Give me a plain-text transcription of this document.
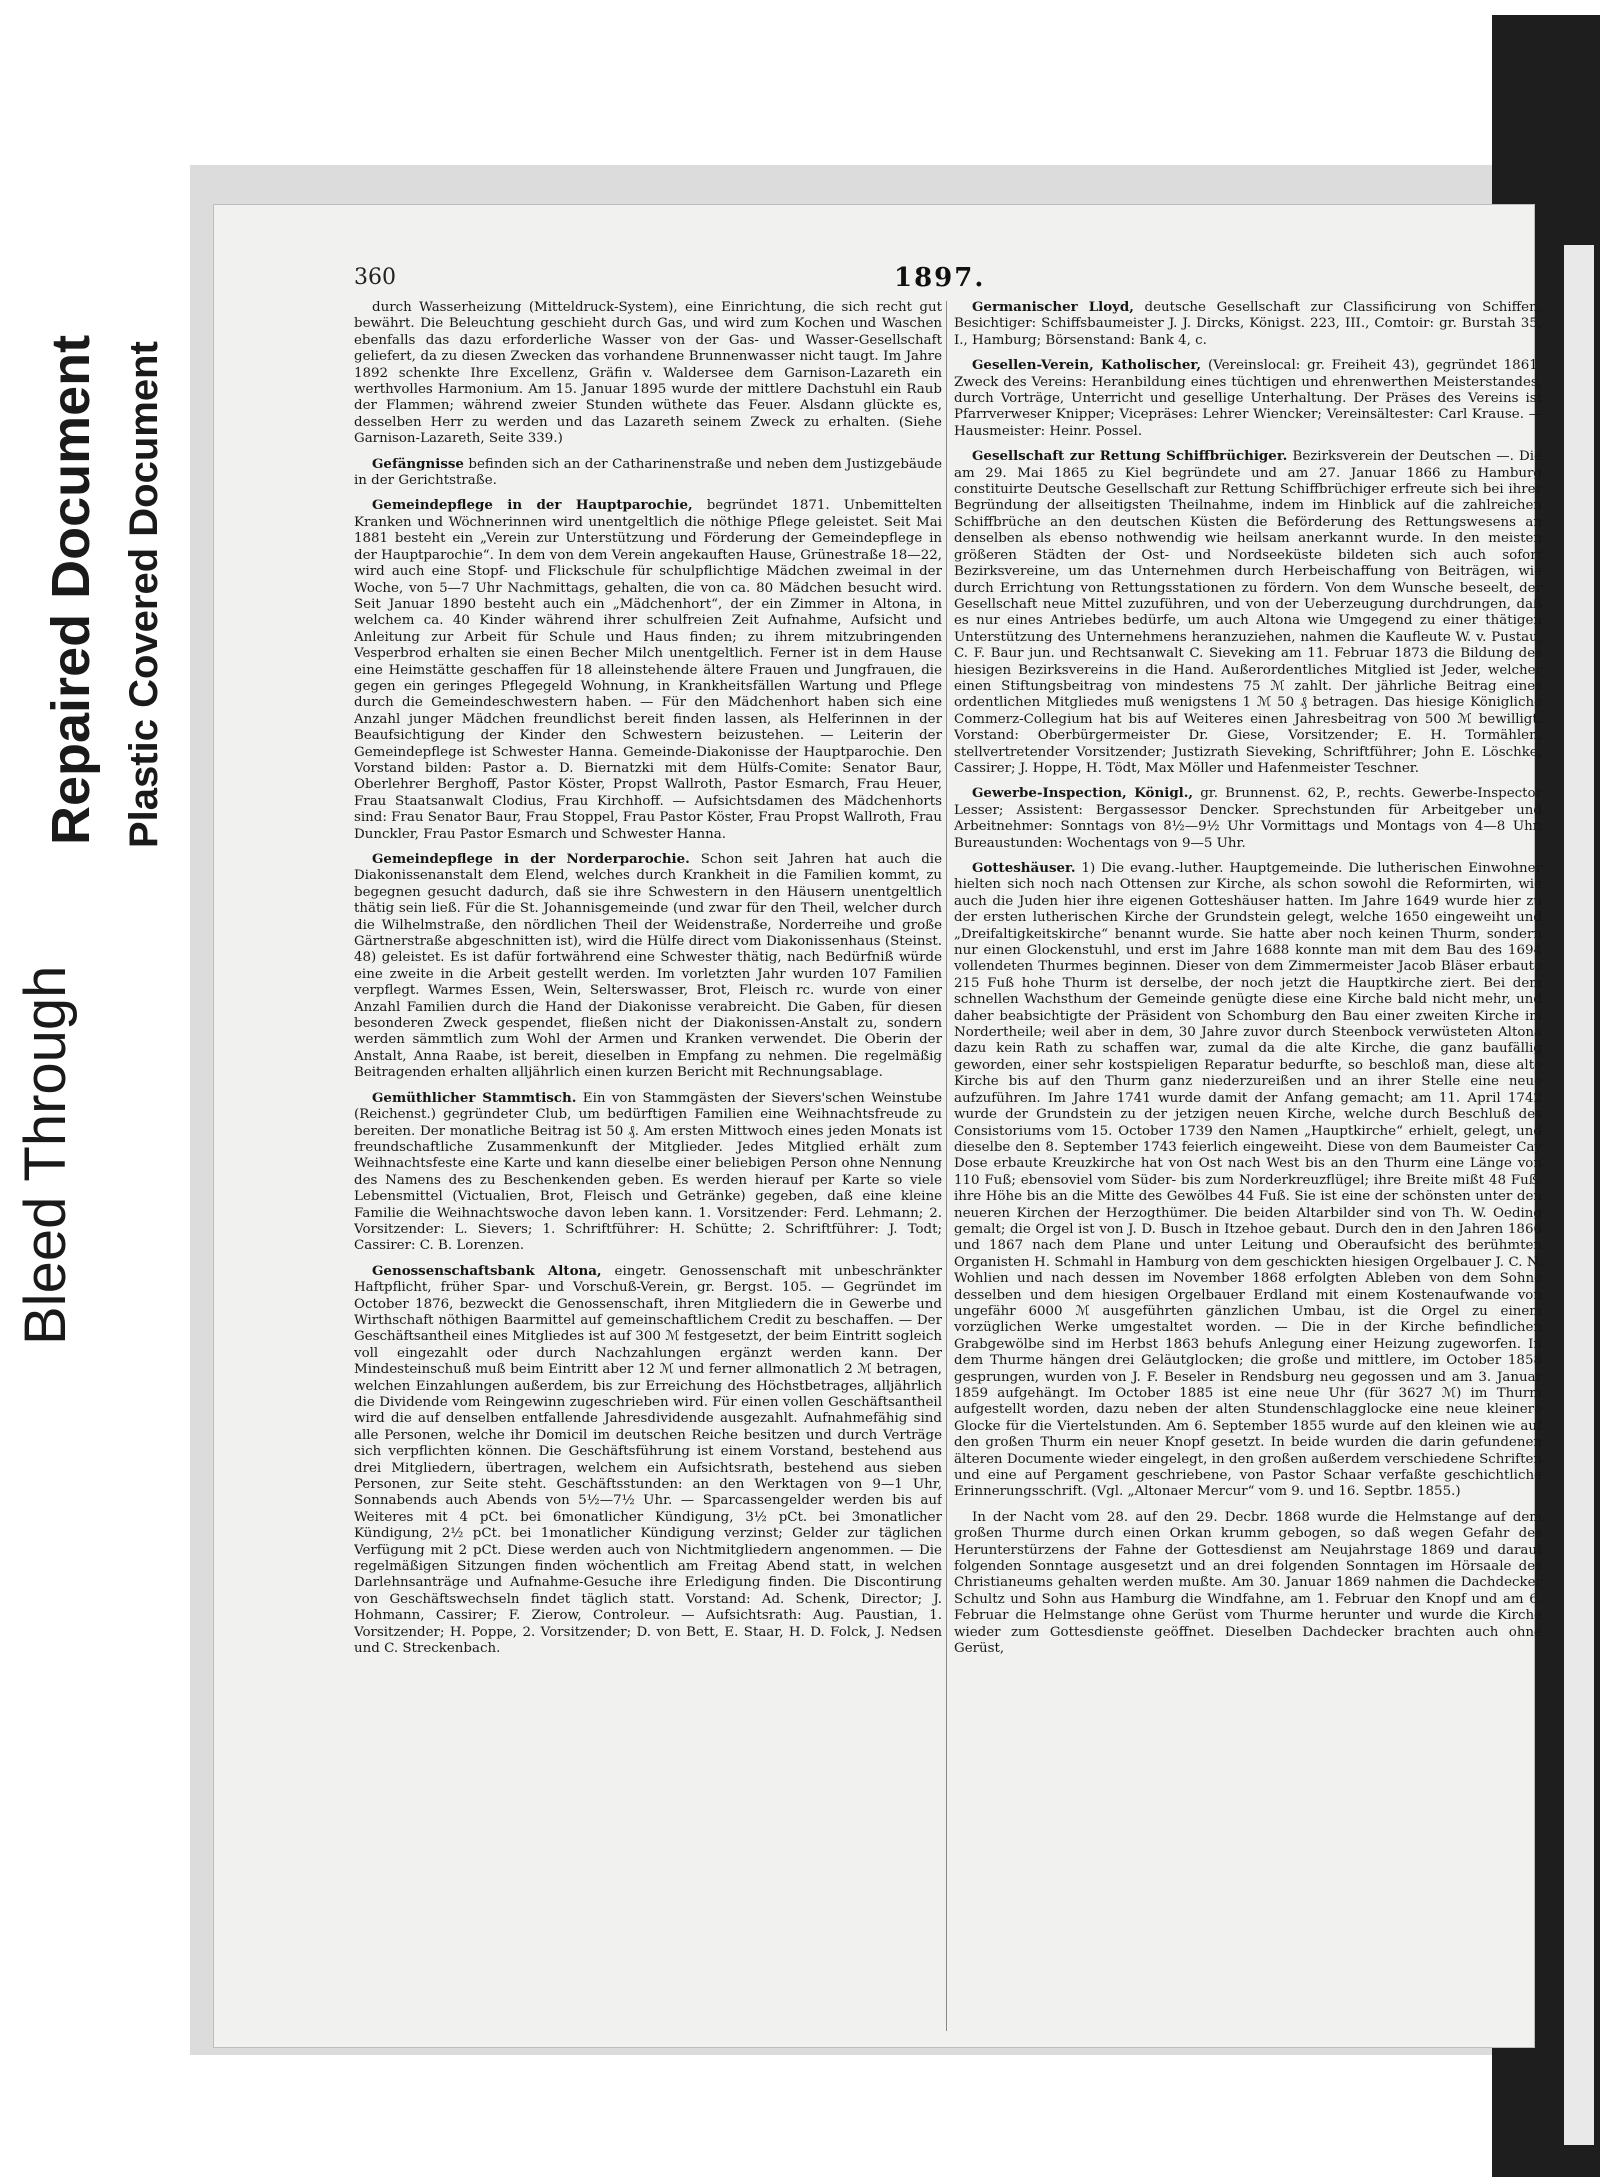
Bleed Through
Repaired Document Plastic Covered Document
360	1897.

durch Wasserheizung (Mitteldruck-System), eine Einrichtung, die sich recht gut bewährt. Die Beleuchtung geschieht durch Gas, und wird zum Kochen und Waschen ebenfalls das dazu erforderliche Wasser von der Gas- und Wasser-Gesellschaft geliefert, da zu diesen Zwecken das vorhandene Brunnenwasser nicht taugt. Im Jahre 1892 schenkte Ihre Excellenz, Gräfin v. Waldersee dem Garnison-Lazareth ein werthvolles Harmonium. Am 15. Januar 1895 wurde der mittlere Dachstuhl ein Raub der Flammen; während zweier Stunden wüthete das Feuer. Alsdann glückte es, desselben Herr zu werden und das Lazareth seinem Zweck zu erhalten. (Siehe Garnison-Lazareth, Seite 339.)

Gefängnisse befinden sich an der Catharinenstraße und neben dem Justizgebäude in der Gerichtstraße.

Gemeindepflege in der Hauptparochie, begründet 1871. Unbemittelten Kranken und Wöchnerinnen wird unentgeltlich die nöthige Pflege geleistet. Seit Mai 1881 besteht ein „Verein zur Unterstützung und Förderung der Gemeindepflege in der Hauptparochie“. In dem von dem Verein angekauften Hause, Grünestraße 18—22, wird auch eine Stopf- und Flickschule für schulpflichtige Mädchen zweimal in der Woche, von 5—7 Uhr Nachmittags, gehalten, die von ca. 80 Mädchen besucht wird. Seit Januar 1890 besteht auch ein „Mädchenhort“, der ein Zimmer in Altona, in welchem ca. 40 Kinder während ihrer schulfreien Zeit Aufnahme, Aufsicht und Anleitung zur Arbeit für Schule und Haus finden; zu ihrem mitzubringenden Vesperbrod erhalten sie einen Becher Milch unentgeltlich. Ferner ist in dem Hause eine Heimstätte geschaffen für 18 alleinstehende ältere Frauen und Jungfrauen, die gegen ein geringes Pflegegeld Wohnung, in Krankheitsfällen Wartung und Pflege durch die Gemeindeschwestern haben. — Für den Mädchenhort haben sich eine Anzahl junger Mädchen freundlichst bereit finden lassen, als Helferinnen in der Beaufsichtigung der Kinder den Schwestern beizustehen. — Leiterin der Gemeindepflege ist Schwester Hanna. Gemeinde-Diakonisse der Hauptparochie. Den Vorstand bilden: Pastor a. D. Biernatzki mit dem Hülfs-Comite: Senator Baur, Oberlehrer Berghoff, Pastor Köster, Propst Wallroth, Pastor Esmarch, Frau Heuer, Frau Staatsanwalt Clodius, Frau Kirchhoff. — Aufsichtsdamen des Mädchenhorts sind: Frau Senator Baur, Frau Stoppel, Frau Pastor Köster, Frau Propst Wallroth, Frau Dunckler, Frau Pastor Esmarch und Schwester Hanna.

Gemeindepflege in der Norderparochie. Schon seit Jahren hat auch die Diakonissenanstalt dem Elend, welches durch Krankheit in die Familien kommt, zu begegnen gesucht dadurch, daß sie ihre Schwestern in den Häusern unentgeltlich thätig sein ließ. Für die St. Johannisgemeinde (und zwar für den Theil, welcher durch die Wilhelmstraße, den nördlichen Theil der Weidenstraße, Norderreihe und große Gärtnerstraße abgeschnitten ist), wird die Hülfe direct vom Diakonissenhaus (Steinst. 48) geleistet. Es ist dafür fortwährend eine Schwester thätig, nach Bedürfniß würde eine zweite in die Arbeit gestellt werden. Im vorletzten Jahr wurden 107 Familien verpflegt. Warmes Essen, Wein, Selterswasser, Brot, Fleisch rc. wurde von einer Anzahl Familien durch die Hand der Diakonisse verabreicht. Die Gaben, für diesen besonderen Zweck gespendet, fließen nicht der Diakonissen-Anstalt zu, sondern werden sämmtlich zum Wohl der Armen und Kranken verwendet. Die Oberin der Anstalt, Anna Raabe, ist bereit, dieselben in Empfang zu nehmen. Die regelmäßig Beitragenden erhalten alljährlich einen kurzen Bericht mit Rechnungsablage.

Gemüthlicher Stammtisch. Ein von Stammgästen der Sievers'schen Weinstube (Reichenst.) gegründeter Club, um bedürftigen Familien eine Weihnachtsfreude zu bereiten. Der monatliche Beitrag ist 50 ₰. Am ersten Mittwoch eines jeden Monats ist freundschaftliche Zusammenkunft der Mitglieder. Jedes Mitglied erhält zum Weihnachtsfeste eine Karte und kann dieselbe einer beliebigen Person ohne Nennung des Namens des zu Beschenkenden geben. Es werden hierauf per Karte so viele Lebensmittel (Victualien, Brot, Fleisch und Getränke) gegeben, daß eine kleine Familie die Weihnachtswoche davon leben kann. 1. Vorsitzender: Ferd. Lehmann; 2. Vorsitzender: L. Sievers; 1. Schriftführer: H. Schütte; 2. Schriftführer: J. Todt; Cassirer: C. B. Lorenzen.

Genossenschaftsbank Altona, eingetr. Genossenschaft mit unbeschränkter Haftpflicht, früher Spar- und Vorschuß-Verein, gr. Bergst. 105. — Gegründet im October 1876, bezweckt die Genossenschaft, ihren Mitgliedern die in Gewerbe und Wirthschaft nöthigen Baarmittel auf gemeinschaftlichem Credit zu beschaffen. — Der Geschäftsantheil eines Mitgliedes ist auf 300 ℳ festgesetzt, der beim Eintritt sogleich voll eingezahlt oder durch Nachzahlungen ergänzt werden kann. Der Mindesteinschuß muß beim Eintritt aber 12 ℳ und ferner allmonatlich 2 ℳ betragen, welchen Einzahlungen außerdem, bis zur Erreichung des Höchstbetrages, alljährlich die Dividende vom Reingewinn zugeschrieben wird. Für einen vollen Geschäftsantheil wird die auf denselben entfallende Jahresdividende ausgezahlt. Aufnahmefähig sind alle Personen, welche ihr Domicil im deutschen Reiche besitzen und durch Verträge sich verpflichten können. Die Geschäftsführung ist einem Vorstand, bestehend aus drei Mitgliedern, übertragen, welchem ein Aufsichtsrath, bestehend aus sieben Personen, zur Seite steht. Geschäftsstunden: an den Werktagen von 9—1 Uhr, Sonnabends auch Abends von 5½—7½ Uhr. — Sparcassengelder werden bis auf Weiteres mit 4 pCt. bei 6monatlicher Kündigung, 3½ pCt. bei 3monatlicher Kündigung, 2½ pCt. bei 1monatlicher Kündigung verzinst; Gelder zur täglichen Verfügung mit 2 pCt. Diese werden auch von Nichtmitgliedern angenommen. — Die regelmäßigen Sitzungen finden wöchentlich am Freitag Abend statt, in welchen Darlehnsanträge und Aufnahme-Gesuche ihre Erledigung finden. Die Discontirung von Geschäftswechseln findet täglich statt. Vorstand: Ad. Schenk, Director; J. Hohmann, Cassirer; F. Zierow, Controleur. — Aufsichtsrath: Aug. Paustian, 1. Vorsitzender; H. Poppe, 2. Vorsitzender; D. von Bett, E. Staar, H. D. Folck, J. Nedsen und C. Streckenbach.

Germanischer Lloyd, deutsche Gesellschaft zur Classificirung von Schiffen. Besichtiger: Schiffsbaumeister J. J. Dircks, Königst. 223, III., Comtoir: gr. Burstah 35, I., Hamburg; Börsenstand: Bank 4, c.

Gesellen-Verein, Katholischer, (Vereinslocal: gr. Freiheit 43), gegründet 1861. Zweck des Vereins: Heranbildung eines tüchtigen und ehrenwerthen Meisterstandes, durch Vorträge, Unterricht und gesellige Unterhaltung. Der Präses des Vereins ist Pfarrverweser Knipper; Vicepräses: Lehrer Wiencker; Vereinsältester: Carl Krause. — Hausmeister: Heinr. Possel.

Gesellschaft zur Rettung Schiffbrüchiger. Bezirksverein der Deutschen —. Die am 29. Mai 1865 zu Kiel begründete und am 27. Januar 1866 zu Hamburg constituirte Deutsche Gesellschaft zur Rettung Schiffbrüchiger erfreute sich bei ihrer Begründung der allseitigsten Theilnahme, indem im Hinblick auf die zahlreichen Schiffbrüche an den deutschen Küsten die Beförderung des Rettungswesens an denselben als ebenso nothwendig wie heilsam anerkannt wurde. In den meisten größeren Städten der Ost- und Nordseeküste bildeten sich auch sofort Bezirksvereine, um das Unternehmen durch Herbeischaffung von Beiträgen, wie durch Errichtung von Rettungsstationen zu fördern. Von dem Wunsche beseelt, der Gesellschaft neue Mittel zuzuführen, und von der Ueberzeugung durchdrungen, daß es nur eines Antriebes bedürfe, um auch Altona wie Umgegend zu einer thätigen Unterstützung des Unternehmens heranzuziehen, nahmen die Kaufleute W. v. Pustau, C. F. Baur jun. und Rechtsanwalt C. Sieveking am 11. Februar 1873 die Bildung des hiesigen Bezirksvereins in die Hand. Außerordentliches Mitglied ist Jeder, welcher einen Stiftungsbeitrag von mindestens 75 ℳ zahlt. Der jährliche Beitrag eines ordentlichen Mitgliedes muß wenigstens 1 ℳ 50 ₰ betragen. Das hiesige Königliche Commerz-Collegium hat bis auf Weiteres einen Jahresbeitrag von 500 ℳ bewilligt. Vorstand: Oberbürgermeister Dr. Giese, Vorsitzender; E. H. Tormählen, stellvertretender Vorsitzender; Justizrath Sieveking, Schriftführer; John E. Löschke, Cassirer; J. Hoppe, H. Tödt, Max Möller und Hafenmeister Teschner.

Gewerbe-Inspection, Königl., gr. Brunnenst. 62, P., rechts. Gewerbe-Inspector Lesser; Assistent: Bergassessor Dencker. Sprechstunden für Arbeitgeber und Arbeitnehmer: Sonntags von 8½—9½ Uhr Vormittags und Montags von 4—8 Uhr. Bureaustunden: Wochentags von 9—5 Uhr.

Gotteshäuser. 1) Die evang.-luther. Hauptgemeinde. Die lutherischen Einwohner hielten sich noch nach Ottensen zur Kirche, als schon sowohl die Reformirten, wie auch die Juden hier ihre eigenen Gotteshäuser hatten. Im Jahre 1649 wurde hier zu der ersten lutherischen Kirche der Grundstein gelegt, welche 1650 eingeweiht und „Dreifaltigkeitskirche“ benannt wurde. Sie hatte aber noch keinen Thurm, sondern nur einen Glockenstuhl, und erst im Jahre 1688 konnte man mit dem Bau des 1694 vollendeten Thurmes beginnen. Dieser von dem Zimmermeister Jacob Bläser erbaute 215 Fuß hohe Thurm ist derselbe, der noch jetzt die Hauptkirche ziert. Bei dem schnellen Wachsthum der Gemeinde genügte diese eine Kirche bald nicht mehr, und daher beabsichtigte der Präsident von Schomburg den Bau einer zweiten Kirche im Nordertheile; weil aber in dem, 30 Jahre zuvor durch Steenbock verwüsteten Altona dazu kein Rath zu schaffen war, zumal da die alte Kirche, die ganz baufällig geworden, einer sehr kostspieligen Reparatur bedurfte, so beschloß man, diese alte Kirche bis auf den Thurm ganz niederzureißen und an ihrer Stelle eine neue aufzuführen. Im Jahre 1741 wurde damit der Anfang gemacht; am 11. April 1742 wurde der Grundstein zu der jetzigen neuen Kirche, welche durch Beschluß des Consistoriums vom 15. October 1739 den Namen „Hauptkirche“ erhielt, gelegt, und dieselbe den 8. September 1743 feierlich eingeweiht. Diese von dem Baumeister Cay Dose erbaute Kreuzkirche hat von Ost nach West bis an den Thurm eine Länge von 110 Fuß; ebensoviel vom Süder- bis zum Norderkreuzflügel; ihre Breite mißt 48 Fuß, ihre Höhe bis an die Mitte des Gewölbes 44 Fuß. Sie ist eine der schönsten unter den neueren Kirchen der Herzogthümer. Die beiden Altarbilder sind von Th. W. Oeding gemalt; die Orgel ist von J. D. Busch in Itzehoe gebaut. Durch den in den Jahren 1866 und 1867 nach dem Plane und unter Leitung und Oberaufsicht des berühmten Organisten H. Schmahl in Hamburg von dem geschickten hiesigen Orgelbauer J. C. N. Wohlien und nach dessen im November 1868 erfolgten Ableben von dem Sohne desselben und dem hiesigen Orgelbauer Erdland mit einem Kostenaufwande von ungefähr 6000 ℳ ausgeführten gänzlichen Umbau, ist die Orgel zu einem vorzüglichen Werke umgestaltet worden. — Die in der Kirche befindlichen Grabgewölbe sind im Herbst 1863 behufs Anlegung einer Heizung zugeworfen. In dem Thurme hängen drei Geläutglocken; die große und mittlere, im October 1858 gesprungen, wurden von J. F. Beseler in Rendsburg neu gegossen und am 3. Januar 1859 aufgehängt. Im October 1885 ist eine neue Uhr (für 3627 ℳ) im Thurm aufgestellt worden, dazu neben der alten Stundenschlagglocke eine neue kleinere Glocke für die Viertelstunden. Am 6. September 1855 wurde auf den kleinen wie auf den großen Thurm ein neuer Knopf gesetzt. In beide wurden die darin gefundenen älteren Documente wieder eingelegt, in den großen außerdem verschiedene Schriften und eine auf Pergament geschriebene, von Pastor Schaar verfaßte geschichtliche Erinnerungsschrift. (Vgl. „Altonaer Mercur“ vom 9. und 16. Septbr. 1855.)

In der Nacht vom 28. auf den 29. Decbr. 1868 wurde die Helmstange auf dem großen Thurme durch einen Orkan krumm gebogen, so daß wegen Gefahr des Herunterstürzens der Fahne der Gottesdienst am Neujahrstage 1869 und darauf folgenden Sonntage ausgesetzt und an drei folgenden Sonntagen im Hörsaale des Christianeums gehalten werden mußte. Am 30. Januar 1869 nahmen die Dachdecker Schultz und Sohn aus Hamburg die Windfahne, am 1. Februar den Knopf und am 6. Februar die Helmstange ohne Gerüst vom Thurme herunter und wurde die Kirche wieder zum Gottesdienste geöffnet. Dieselben Dachdecker brachten auch ohne Gerüst,
